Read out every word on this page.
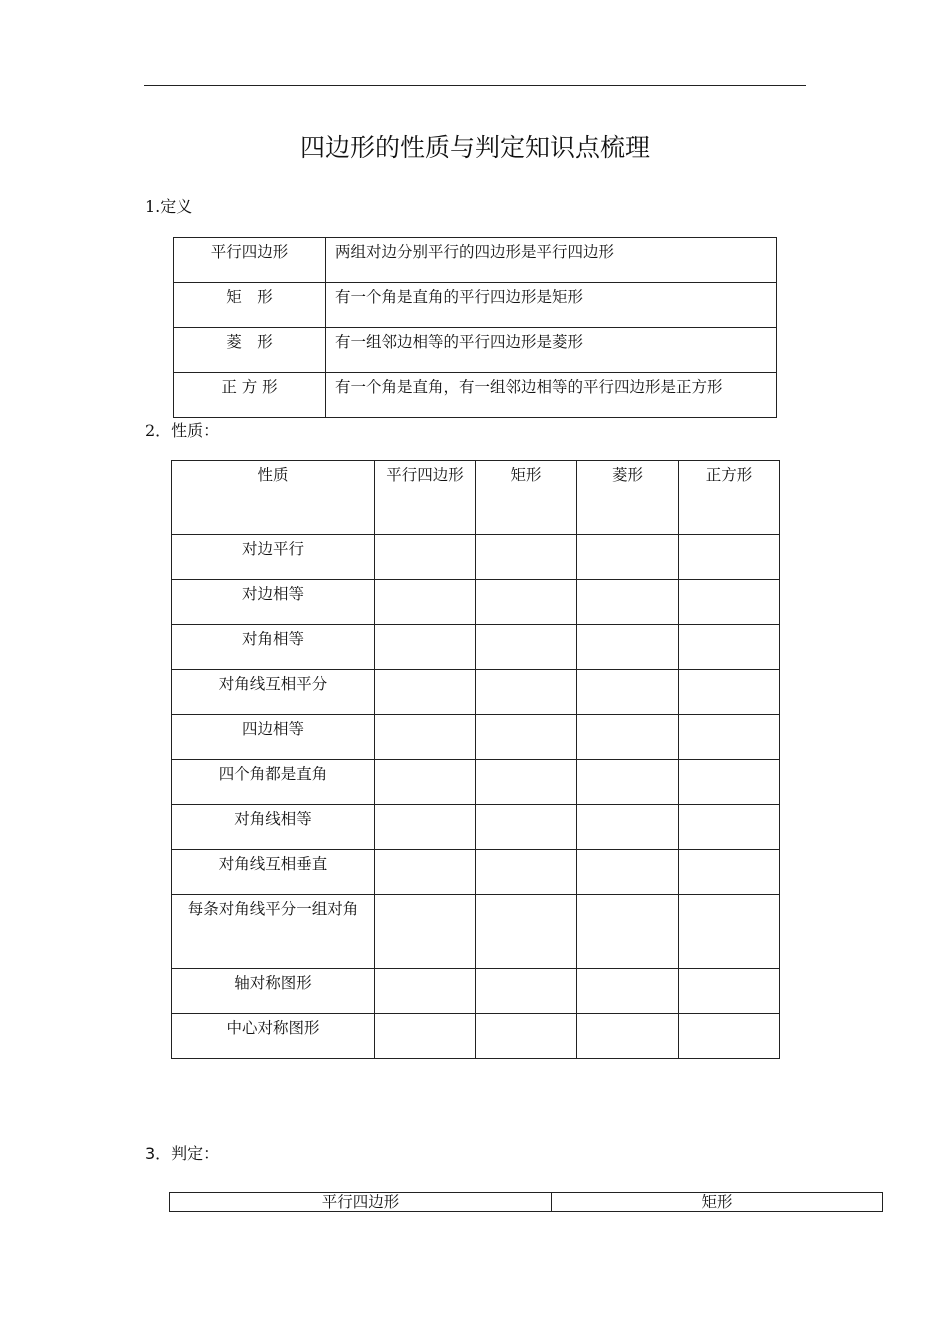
四边形的性质与判定知识点梳理
1.定义
平行四边形	两组对边分别平行的四边形是平行四边形
矩　形	有一个角是直角的平行四边形是矩形
菱　形	有一组邻边相等的平行四边形是菱形
正 方 形	有一个角是直角，有一组邻边相等的平行四边形是正方形
2．性质：
性质	平行四边形	矩形	菱形	正方形
对边平行				
对边相等				
对角相等				
对角线互相平分				
四边相等				
四个角都是直角				
对角线相等				
对角线互相垂直				
每条对角线平分一组对角				
轴对称图形				
中心对称图形				
3．判定：
平行四边形	矩形
